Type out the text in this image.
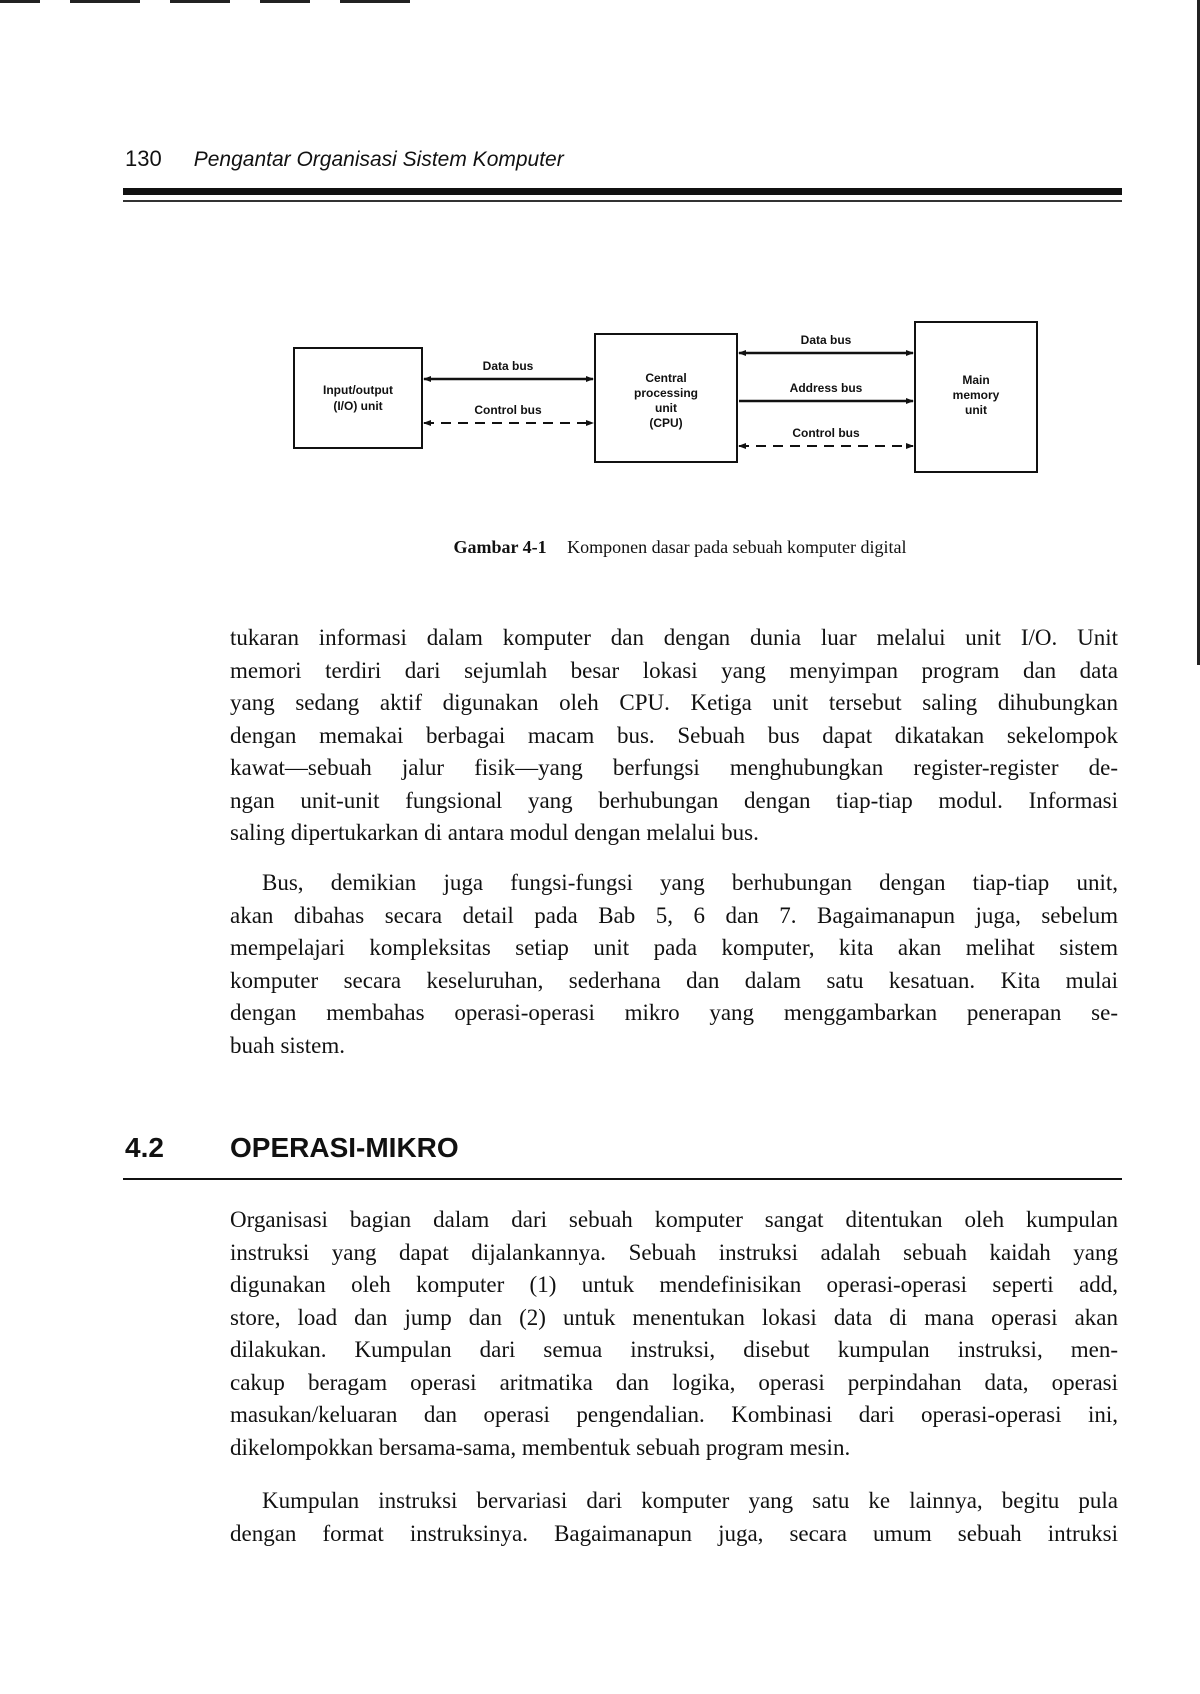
130 Pengantar Organisasi Sistem Komputer
Input/output
(I/O) unit
Central
processing
unit
(CPU)
Main
memory
unit
Data bus
Control bus
Data bus
Address bus
Control bus
Gambar 4-1 Komponen dasar pada sebuah komputer digital
tukaran informasi dalam komputer dan dengan dunia luar melalui unit I/O. Unit
memori terdiri dari sejumlah besar lokasi yang menyimpan program dan data
yang sedang aktif digunakan oleh CPU. Ketiga unit tersebut saling dihubungkan
dengan memakai berbagai macam bus. Sebuah bus dapat dikatakan sekelompok
kawat—sebuah jalur fisik—yang berfungsi menghubungkan register-register de-
ngan unit-unit fungsional yang berhubungan dengan tiap-tiap modul. Informasi
saling dipertukarkan di antara modul dengan melalui bus.
Bus, demikian juga fungsi-fungsi yang berhubungan dengan tiap-tiap unit,
akan dibahas secara detail pada Bab 5, 6 dan 7. Bagaimanapun juga, sebelum
mempelajari kompleksitas setiap unit pada komputer, kita akan melihat sistem
komputer secara keseluruhan, sederhana dan dalam satu kesatuan. Kita mulai
dengan membahas operasi-operasi mikro yang menggambarkan penerapan se-
buah sistem.
4.2 OPERASI-MIKRO
Organisasi bagian dalam dari sebuah komputer sangat ditentukan oleh kumpulan
instruksi yang dapat dijalankannya. Sebuah instruksi adalah sebuah kaidah yang
digunakan oleh komputer (1) untuk mendefinisikan operasi-operasi seperti add,
store, load dan jump dan (2) untuk menentukan lokasi data di mana operasi akan
dilakukan. Kumpulan dari semua instruksi, disebut kumpulan instruksi, men-
cakup beragam operasi aritmatika dan logika, operasi perpindahan data, operasi
masukan/keluaran dan operasi pengendalian. Kombinasi dari operasi-operasi ini,
dikelompokkan bersama-sama, membentuk sebuah program mesin.
Kumpulan instruksi bervariasi dari komputer yang satu ke lainnya, begitu pula
dengan format instruksinya. Bagaimanapun juga, secara umum sebuah intruksi
